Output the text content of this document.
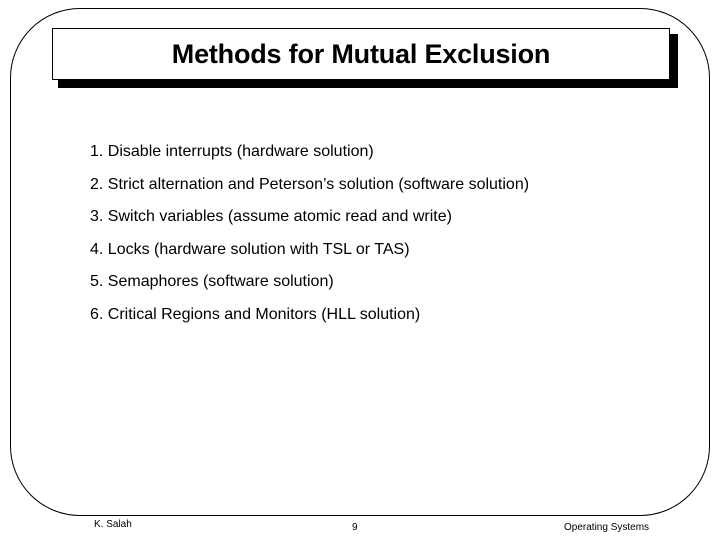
Methods for Mutual Exclusion
1. Disable interrupts (hardware solution)
2. Strict alternation and Peterson’s solution (software solution)
3. Switch variables (assume atomic read and write)
4. Locks (hardware solution with TSL or TAS)
5. Semaphores (software solution)
6. Critical Regions and Monitors (HLL solution)
K. Salah	9	Operating Systems
